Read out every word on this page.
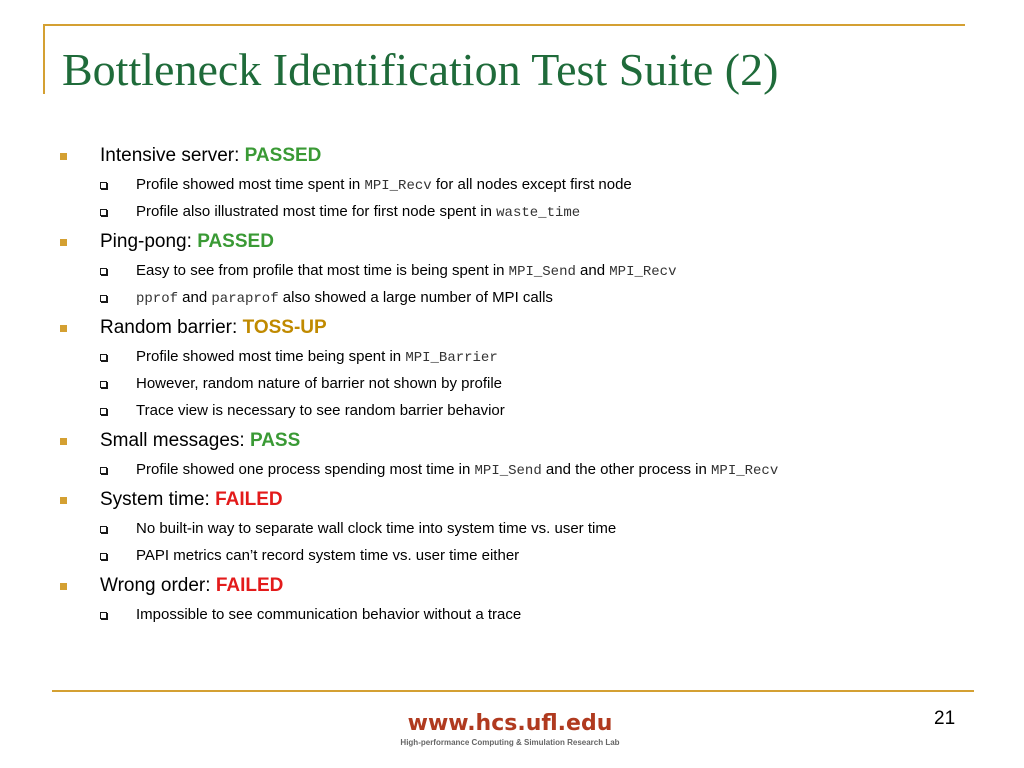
Bottleneck Identification Test Suite (2)
Intensive server: PASSED
Profile showed most time spent in MPI_Recv for all nodes except first node
Profile also illustrated most time for first node spent in waste_time
Ping-pong: PASSED
Easy to see from profile that most time is being spent in MPI_Send and MPI_Recv
pprof and paraprof also showed a large number of MPI calls
Random barrier: TOSS-UP
Profile showed most time being spent in MPI_Barrier
However, random nature of barrier not shown by profile
Trace view is necessary to see random barrier behavior
Small messages: PASS
Profile showed one process spending most time in MPI_Send and the other process in MPI_Recv
System time: FAILED
No built-in way to separate wall clock time into system time vs. user time
PAPI metrics can’t record system time vs. user time either
Wrong order: FAILED
Impossible to see communication behavior without a trace
www.hcs.ufl.edu
High-performance Computing & Simulation Research Lab
21
